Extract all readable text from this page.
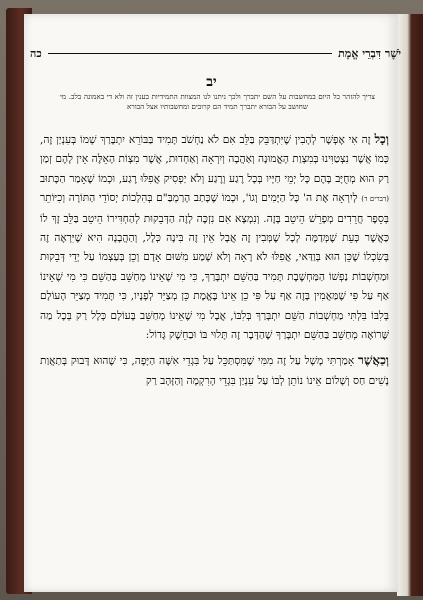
יֹשֶׁר דִּבְרֵי אֱמֶת
כה
יב
צריך להזהר כל היום במחשבות על השם יתברך ולכך ניתנו לנו המצוות התמידיות בענין זה ולא די באמונה בלב. מי שחושב על הבורא יתברך תמיד הם קרובים ומחשבותיו אצל הבורא

וְכָל זֶה אִי אֶפְשָׁר לְהָבִין שֶׁיִּתְדַּבֵּק בַּלֵּב אִם לֹא נַחְשֹׁב תָּמִיד בַּבּוֹרֵא יִתְבָּרַךְ שְׁמוֹ בְּעִנְיַן זֶה, כְּמוֹ אֲשֶׁר נִצְטַוִּינוּ בְּמִצְוַת הָאֱמוּנָה וְאַהֲבָה וְיִרְאָה וְאַחְדוּת, אֲשֶׁר מִצְוֹת הָאֵלֶּה אֵין לָהֶם זְמַן רַק הוּא מְחֻיָּב בָּהֶם כָּל יְמֵי חַיָּיו בְּכָל רֶגַע וְרֶגַע וְלֹא יַפְסִיק אֲפִלּוּ רֶגַע, וּכְמוֹ שֶׁאָמַר הַכָּתוּב (דברים ד) לְיִרְאָה אֶת ה' כָּל הַיָּמִים וְגוֹ', וּכְמוֹ שֶׁכָּתַב הָרַמְבַּ"ם בְּהִלְכוֹת יְסוֹדֵי הַתּוֹרָה וְכִיּוֹתֵר בְּסֵפֶר חֲרֵדִים מְפָרֵשׁ הֵיטֵב בָּזֶה. וְנִמְצָא אִם נִזְכֶּה לָזֶה הַדְּבֵקוּת לְהַחְדִּירוֹ הֵיטֵב בַּלֵּב זֶךְ לוֹ כַּאֲשֶׁר כְּעֵת שֶׁמְּדַמֶּה לְכָל שֶׁמְּבִין זֶה אֲבָל אֵין זֶה בִּינָה כְּלָל, וְהַהֲבָנָה הִיא שֶׁיִּרְאֶה זֶה בְּשִׂכְלוֹ שֶׁכֵּן הוּא בְּוַדַּאי, אֲפִלּוּ לֹא רָאָה וְלֹא שָׁמַע מִשּׁוּם אָדָם וְכֵן בְּעַצְמוֹ עַל יְדֵי דְּבֵקוּת וּמַחְשְׁבוֹת נַפְשׁוֹ הַמַּחְשֶׁבֶת תָּמִיד בַּהַשֵּׁם יִתְבָּרַךְ, כִּי מִי שֶׁאֵינוֹ מְחַשֵּׁב בַּהַשֵּׁם כִּי מִי שֶׁאֵינוֹ אַף עַל פִּי שֶׁמַּאֲמִין בָּזֶה אַף עַל פִּי כֵן אֵינוֹ בֶּאֱמֶת כֵּן מְצַיֵּר לְפָנָיו, כִּי תָּמִיד מְצַיֵּר הָעוֹלָם בְּלִבּוֹ בִּלְתִּי מַחְשְׁבוֹת הַשֵּׁם יִתְבָּרַךְ בְּלִבּוֹ, אֲבָל מִי שֶׁאֵינוֹ מְחַשֵּׁב בָּעוֹלָם כְּלָל רַק בְּכָל מַה שֶּׁרוֹאֶה מְחַשֵּׁב בַּהַשֵּׁם יִתְבָּרַךְ שֶׁהַדָּבָר זֶה תָּלוּי בּוֹ וּבַחֵשֶׁק גָּדוֹל:

וְכַאֲשֶׁר אָמַרְתִּי מָשָׁל עַל זֶה מִמִּי שֶׁמִּסְתַּכֵּל עַל בִּגְדֵי אִשָּׁה הַיָּפָה, כִּי שֶׁהוּא דָּבוּק בְּתַאֲוַת נָשִׁים חַס וְשָׁלוֹם אֵינוֹ נוֹתֵן לְבּוֹ עַל עִנְיַן בִּגְדֵי הָרִקְמָה וְהַזָּהָב רַק
